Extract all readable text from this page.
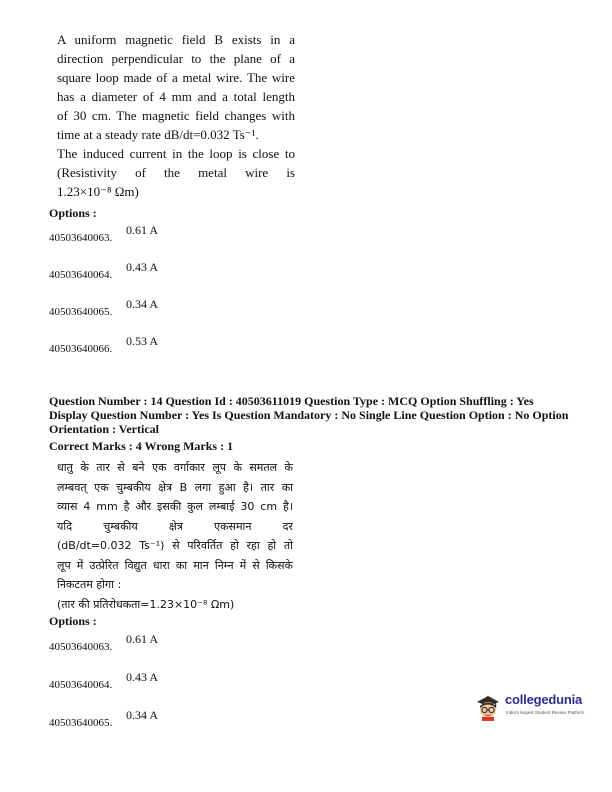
A uniform magnetic field B exists in a
direction perpendicular to the plane of a
square loop made of a metal wire. The wire
has a diameter of 4 mm and a total length
of 30 cm. The magnetic field changes with
time at a steady rate dB/dt=0.032 Ts⁻¹.
The induced current in the loop is close to
(Resistivity of the metal wire is
1.23×10⁻⁸ Ωm)
Options :
40503640063.
0.61 A
40503640064.
0.43 A
40503640065.
0.34 A
40503640066.
0.53 A
Question Number : 14 Question Id : 40503611019 Question Type : MCQ Option Shuffling : Yes
Display Question Number : Yes Is Question Mandatory : No Single Line Question Option : No Option
Orientation : Vertical
Correct Marks : 4 Wrong Marks : 1
धातु के तार से बने एक वर्गाकार लूप के समतल के
लम्बवत् एक चुम्बकीय क्षेत्र B लगा हुआ है। तार का
व्यास 4 mm है और इसकी कुल लम्बाई 30 cm है।
यदि चुम्बकीय क्षेत्र एकसमान दर
(dB/dt=0.032 Ts⁻¹) से परिवर्तित हो रहा हो तो
लूप में उत्प्रेरित विद्युत धारा का मान निम्न में से किसके
निकटतम होगा :
(तार की प्रतिरोधकता=1.23×10⁻⁸ Ωm)
Options :
40503640063.
0.61 A
40503640064.
0.43 A
40503640065.
0.34 A
collegedunia
India's largest Student Review Platform
